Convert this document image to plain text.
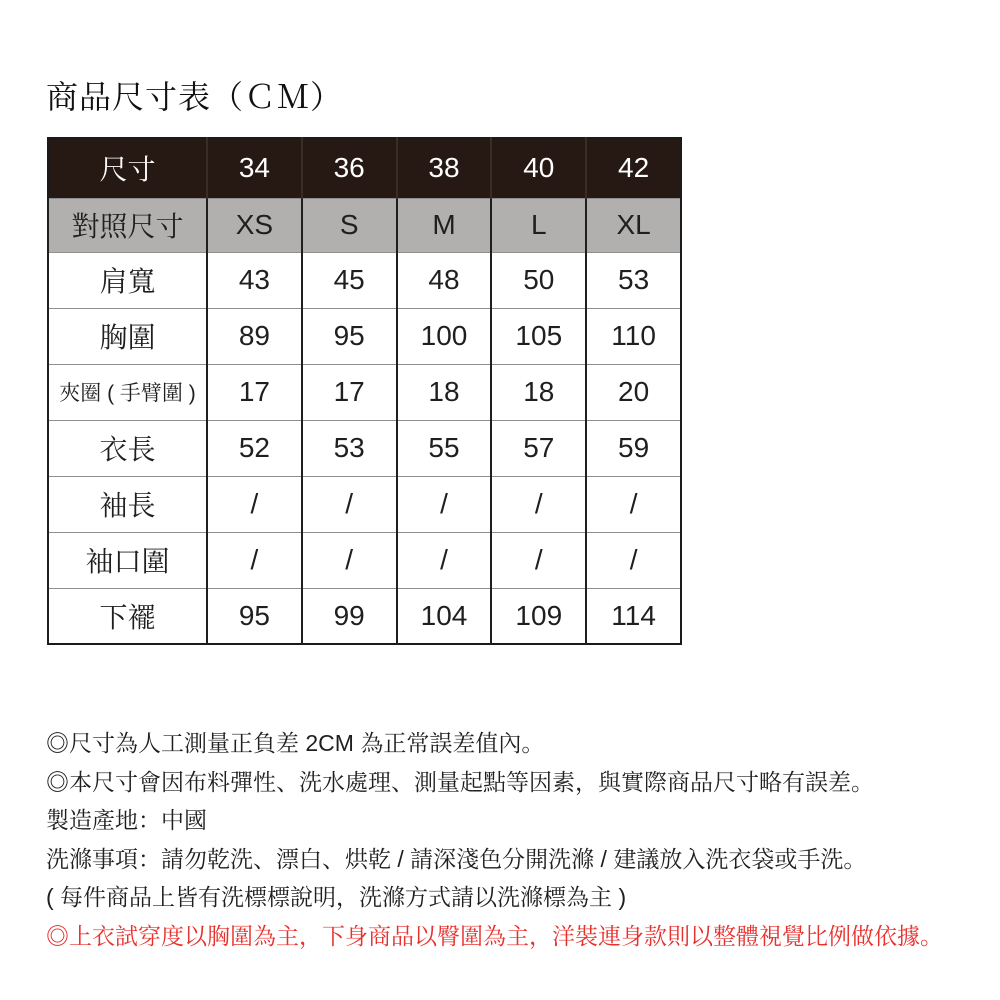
商品尺寸表（ＣＭ）
尺寸	34	36	38	40	42
對照尺寸	XS	S	M	L	XL
肩寬	43	45	48	50	53
胸圍	89	95	100	105	110
夾圈 ( 手臂圍 )	17	17	18	18	20
衣長	52	53	55	57	59
袖長	/	/	/	/	/
袖口圍	/	/	/	/	/
下襬	95	99	104	109	114
◎尺寸為人工測量正負差 2CM 為正常誤差值內。
◎本尺寸會因布料彈性、洗水處理、測量起點等因素，與實際商品尺寸略有誤差。
製造產地：中國
洗滌事項：請勿乾洗、漂白、烘乾 / 請深淺色分開洗滌 / 建議放入洗衣袋或手洗。
( 每件商品上皆有洗標標說明，洗滌方式請以洗滌標為主 )
◎上衣試穿度以胸圍為主，下身商品以臀圍為主，洋裝連身款則以整體視覺比例做依據。
